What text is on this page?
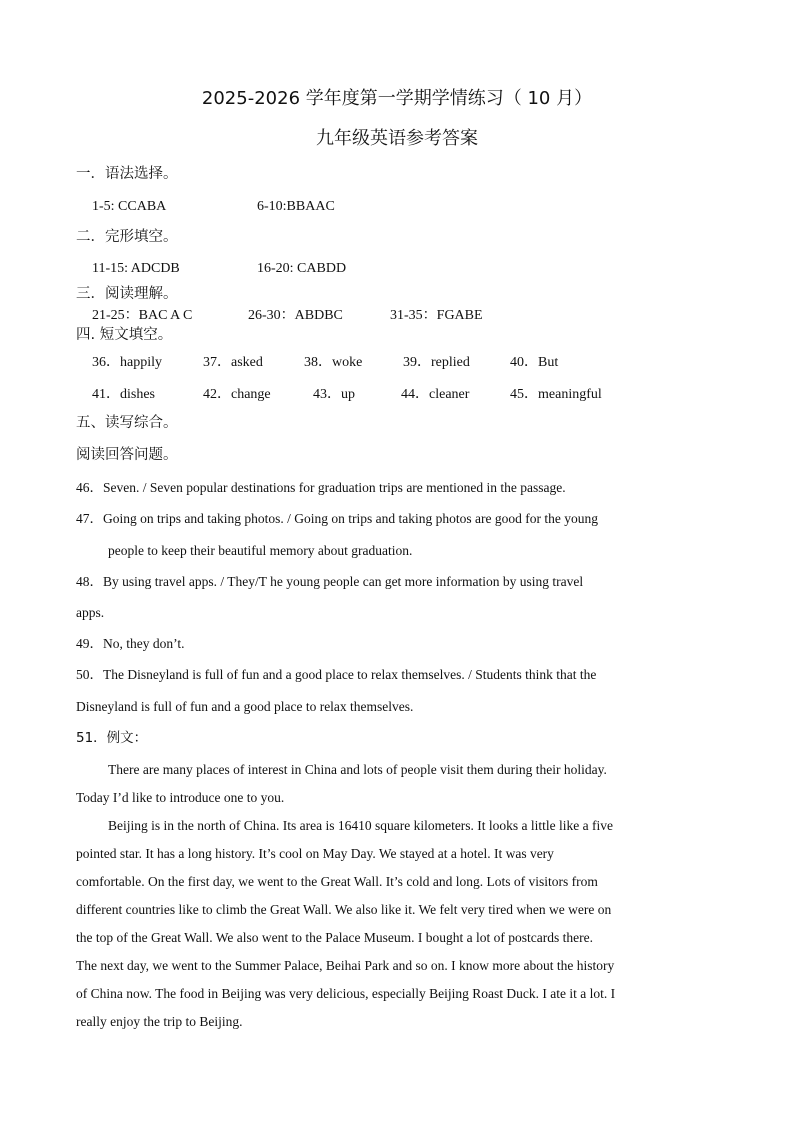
2025-2026 学年度第一学期学情练习（ 10 月）
九年级英语参考答案
一．语法选择。
1-5: CCABA	6-10:BBAAC
二．完形填空。
11-15: ADCDB	16-20: CABDD
三．阅读理解。
21-25：BAC A C	26-30：ABDBC	31-35：FGABE
四. 短文填空。
36．happily	37．asked	38．woke	39．replied	40．But
41．dishes	42．change	43．up	44．cleaner	45．meaningful
五、读写综合。
阅读回答问题。
46．Seven. / Seven popular destinations for graduation trips are mentioned in the passage.
47．Going on trips and taking photos. / Going on trips and taking photos are good for the young
people to keep their beautiful memory about graduation.
48．By using travel apps. / They/T he young people can get more information by using travel
apps.
49．No, they don’t.
50．The Disneyland is full of fun and a good place to relax themselves. / Students think that the
Disneyland is full of fun and a good place to relax themselves.
51．例文：
There are many places of interest in China and lots of people visit them during their holiday.
Today I’d like to introduce one to you.
Beijing is in the north of China. Its area is 16410 square kilometers. It looks a little like a five
pointed star. It has a long history. It’s cool on May Day. We stayed at a hotel. It was very
comfortable. On the first day, we went to the Great Wall. It’s cold and long. Lots of visitors from
different countries like to climb the Great Wall. We also like it. We felt very tired when we were on
the top of the Great Wall. We also went to the Palace Museum. I bought a lot of postcards there.
The next day, we went to the Summer Palace, Beihai Park and so on. I know more about the history
of China now. The food in Beijing was very delicious, especially Beijing Roast Duck. I ate it a lot. I
really enjoy the trip to Beijing.
